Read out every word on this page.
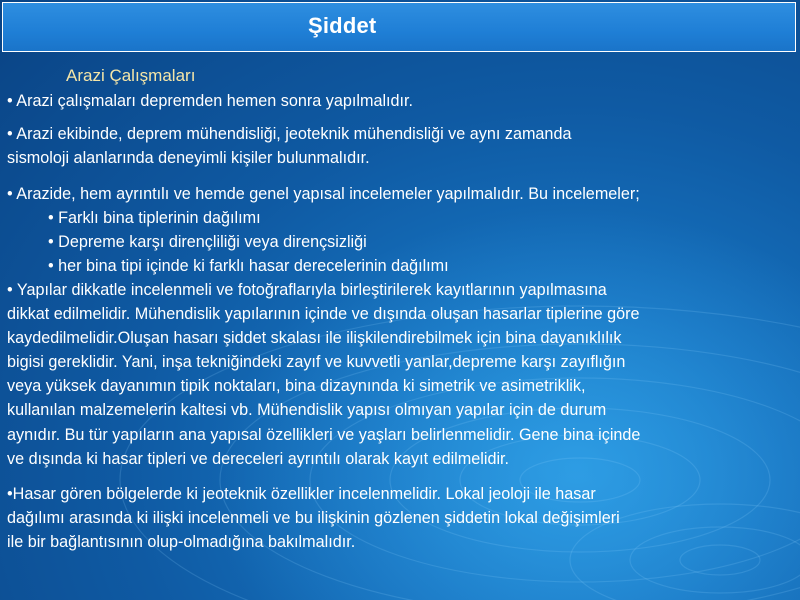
Şiddet
Arazi Çalışmaları
• Arazi çalışmaları depremden hemen sonra yapılmalıdır.
• Arazi ekibinde, deprem mühendisliği, jeoteknik mühendisliği ve aynı zamanda
sismoloji alanlarında deneyimli kişiler bulunmalıdır.
• Arazide, hem ayrıntılı ve hemde genel yapısal incelemeler yapılmalıdır. Bu incelemeler;
• Farklı bina tiplerinin dağılımı
• Depreme karşı dirençliliği veya dirençsizliği
• her bina tipi içinde ki farklı hasar derecelerinin dağılımı
• Yapılar dikkatle incelenmeli ve fotoğraflarıyla birleştirilerek kayıtlarının yapılmasına
dikkat edilmelidir. Mühendislik yapılarının içinde ve dışında oluşan hasarlar tiplerine göre
kaydedilmelidir.Oluşan hasarı şiddet skalası ile ilişkilendirebilmek için bina dayanıklılık
bigisi gereklidir. Yani, inşa tekniğindeki zayıf ve kuvvetli yanlar,depreme karşı zayıflığın
veya yüksek dayanımın tipik noktaları, bina dizaynında ki simetrik ve asimetriklik,
kullanılan malzemelerin kaltesi vb. Mühendislik yapısı olmıyan yapılar için de durum
aynıdır. Bu tür yapıların ana yapısal özellikleri ve yaşları belirlenmelidir. Gene bina içinde
ve dışında ki hasar tipleri ve dereceleri ayrıntılı olarak kayıt edilmelidir.
•Hasar gören bölgelerde ki jeoteknik özellikler incelenmelidir. Lokal jeoloji ile hasar
dağılımı arasında ki ilişki incelenmeli ve bu ilişkinin gözlenen şiddetin lokal değişimleri
ile bir bağlantısının olup-olmadığına bakılmalıdır.
